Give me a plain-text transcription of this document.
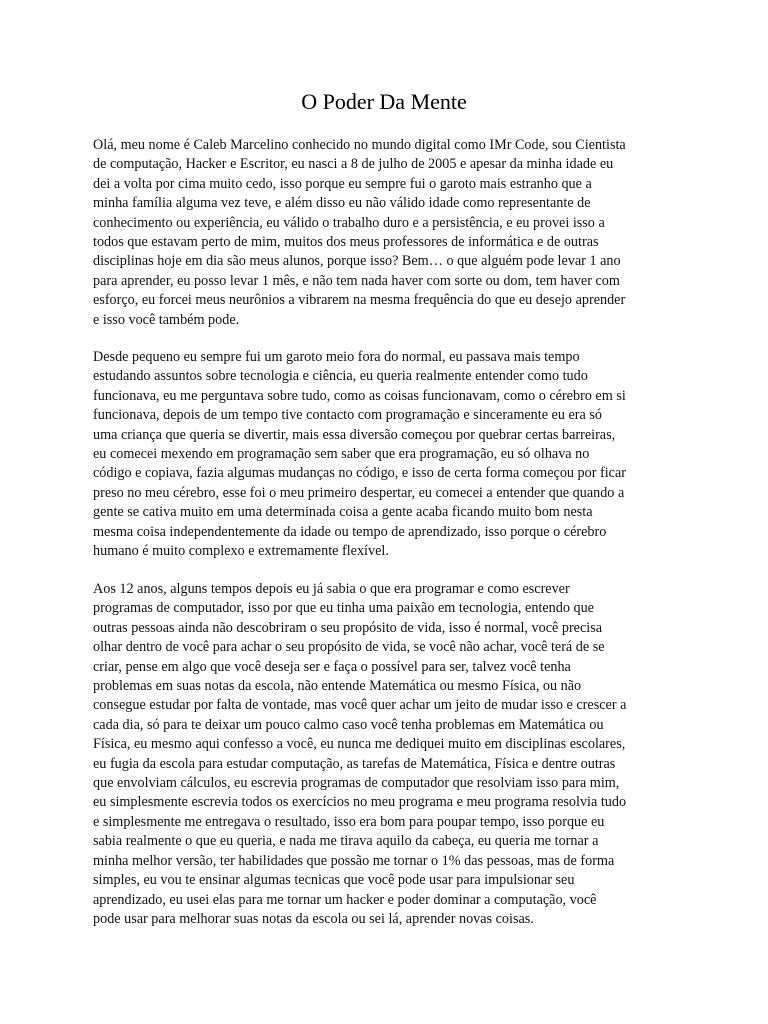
O Poder Da Mente

Olá, meu nome é Caleb Marcelino conhecido no mundo digital como IMr Code, sou Cientista
de computação, Hacker e Escritor, eu nasci a 8 de julho de 2005 e apesar da minha idade eu
dei a volta por cima muito cedo, isso porque eu sempre fui o garoto mais estranho que a
minha família alguma vez teve, e além disso eu não válido idade como representante de
conhecimento ou experiência, eu válido o trabalho duro e a persistência, e eu provei isso a
todos que estavam perto de mim, muitos dos meus professores de informática e de outras
disciplinas hoje em dia são meus alunos, porque isso? Bem… o que alguém pode levar 1 ano
para aprender, eu posso levar 1 mês, e não tem nada haver com sorte ou dom, tem haver com
esforço, eu forcei meus neurônios a vibrarem na mesma frequência do que eu desejo aprender
e isso você também pode.

Desde pequeno eu sempre fui um garoto meio fora do normal, eu passava mais tempo
estudando assuntos sobre tecnologia e ciência, eu queria realmente entender como tudo
funcionava, eu me perguntava sobre tudo, como as coisas funcionavam, como o cérebro em si
funcionava, depois de um tempo tive contacto com programação e sinceramente eu era só
uma criança que queria se divertir, mais essa diversão começou por quebrar certas barreiras,
eu comecei mexendo em programação sem saber que era programação, eu só olhava no
código e copiava, fazia algumas mudanças no código, e isso de certa forma começou por ficar
preso no meu cérebro, esse foi o meu primeiro despertar, eu comecei a entender que quando a
gente se cativa muito em uma determinada coisa a gente acaba ficando muito bom nesta
mesma coisa independentemente da idade ou tempo de aprendizado, isso porque o cérebro
humano é muito complexo e extremamente flexível.

Aos 12 anos, alguns tempos depois eu já sabia o que era programar e como escrever
programas de computador, isso por que eu tinha uma paixão em tecnologia, entendo que
outras pessoas ainda não descobriram o seu propósito de vida, isso é normal, você precisa
olhar dentro de você para achar o seu propósito de vida, se você não achar, você terá de se
criar, pense em algo que você deseja ser e faça o possível para ser, talvez você tenha
problemas em suas notas da escola, não entende Matemática ou mesmo Física, ou não
consegue estudar por falta de vontade, mas você quer achar um jeito de mudar isso e crescer a
cada dia, só para te deixar um pouco calmo caso você tenha problemas em Matemática ou
Física, eu mesmo aqui confesso a você, eu nunca me dediquei muito em disciplinas escolares,
eu fugia da escola para estudar computação, as tarefas de Matemática, Física e dentre outras
que envolviam cálculos, eu escrevia programas de computador que resolviam isso para mim,
eu simplesmente escrevia todos os exercícios no meu programa e meu programa resolvia tudo
e simplesmente me entregava o resultado, isso era bom para poupar tempo, isso porque eu
sabia realmente o que eu queria, e nada me tirava aquilo da cabeça, eu queria me tornar a
minha melhor versão, ter habilidades que possão me tornar o 1% das pessoas, mas de forma
simples, eu vou te ensinar algumas tecnicas que você pode usar para impulsionar seu
aprendizado, eu usei elas para me tornar um hacker e poder dominar a computação, você
pode usar para melhorar suas notas da escola ou sei lá, aprender novas coisas.
